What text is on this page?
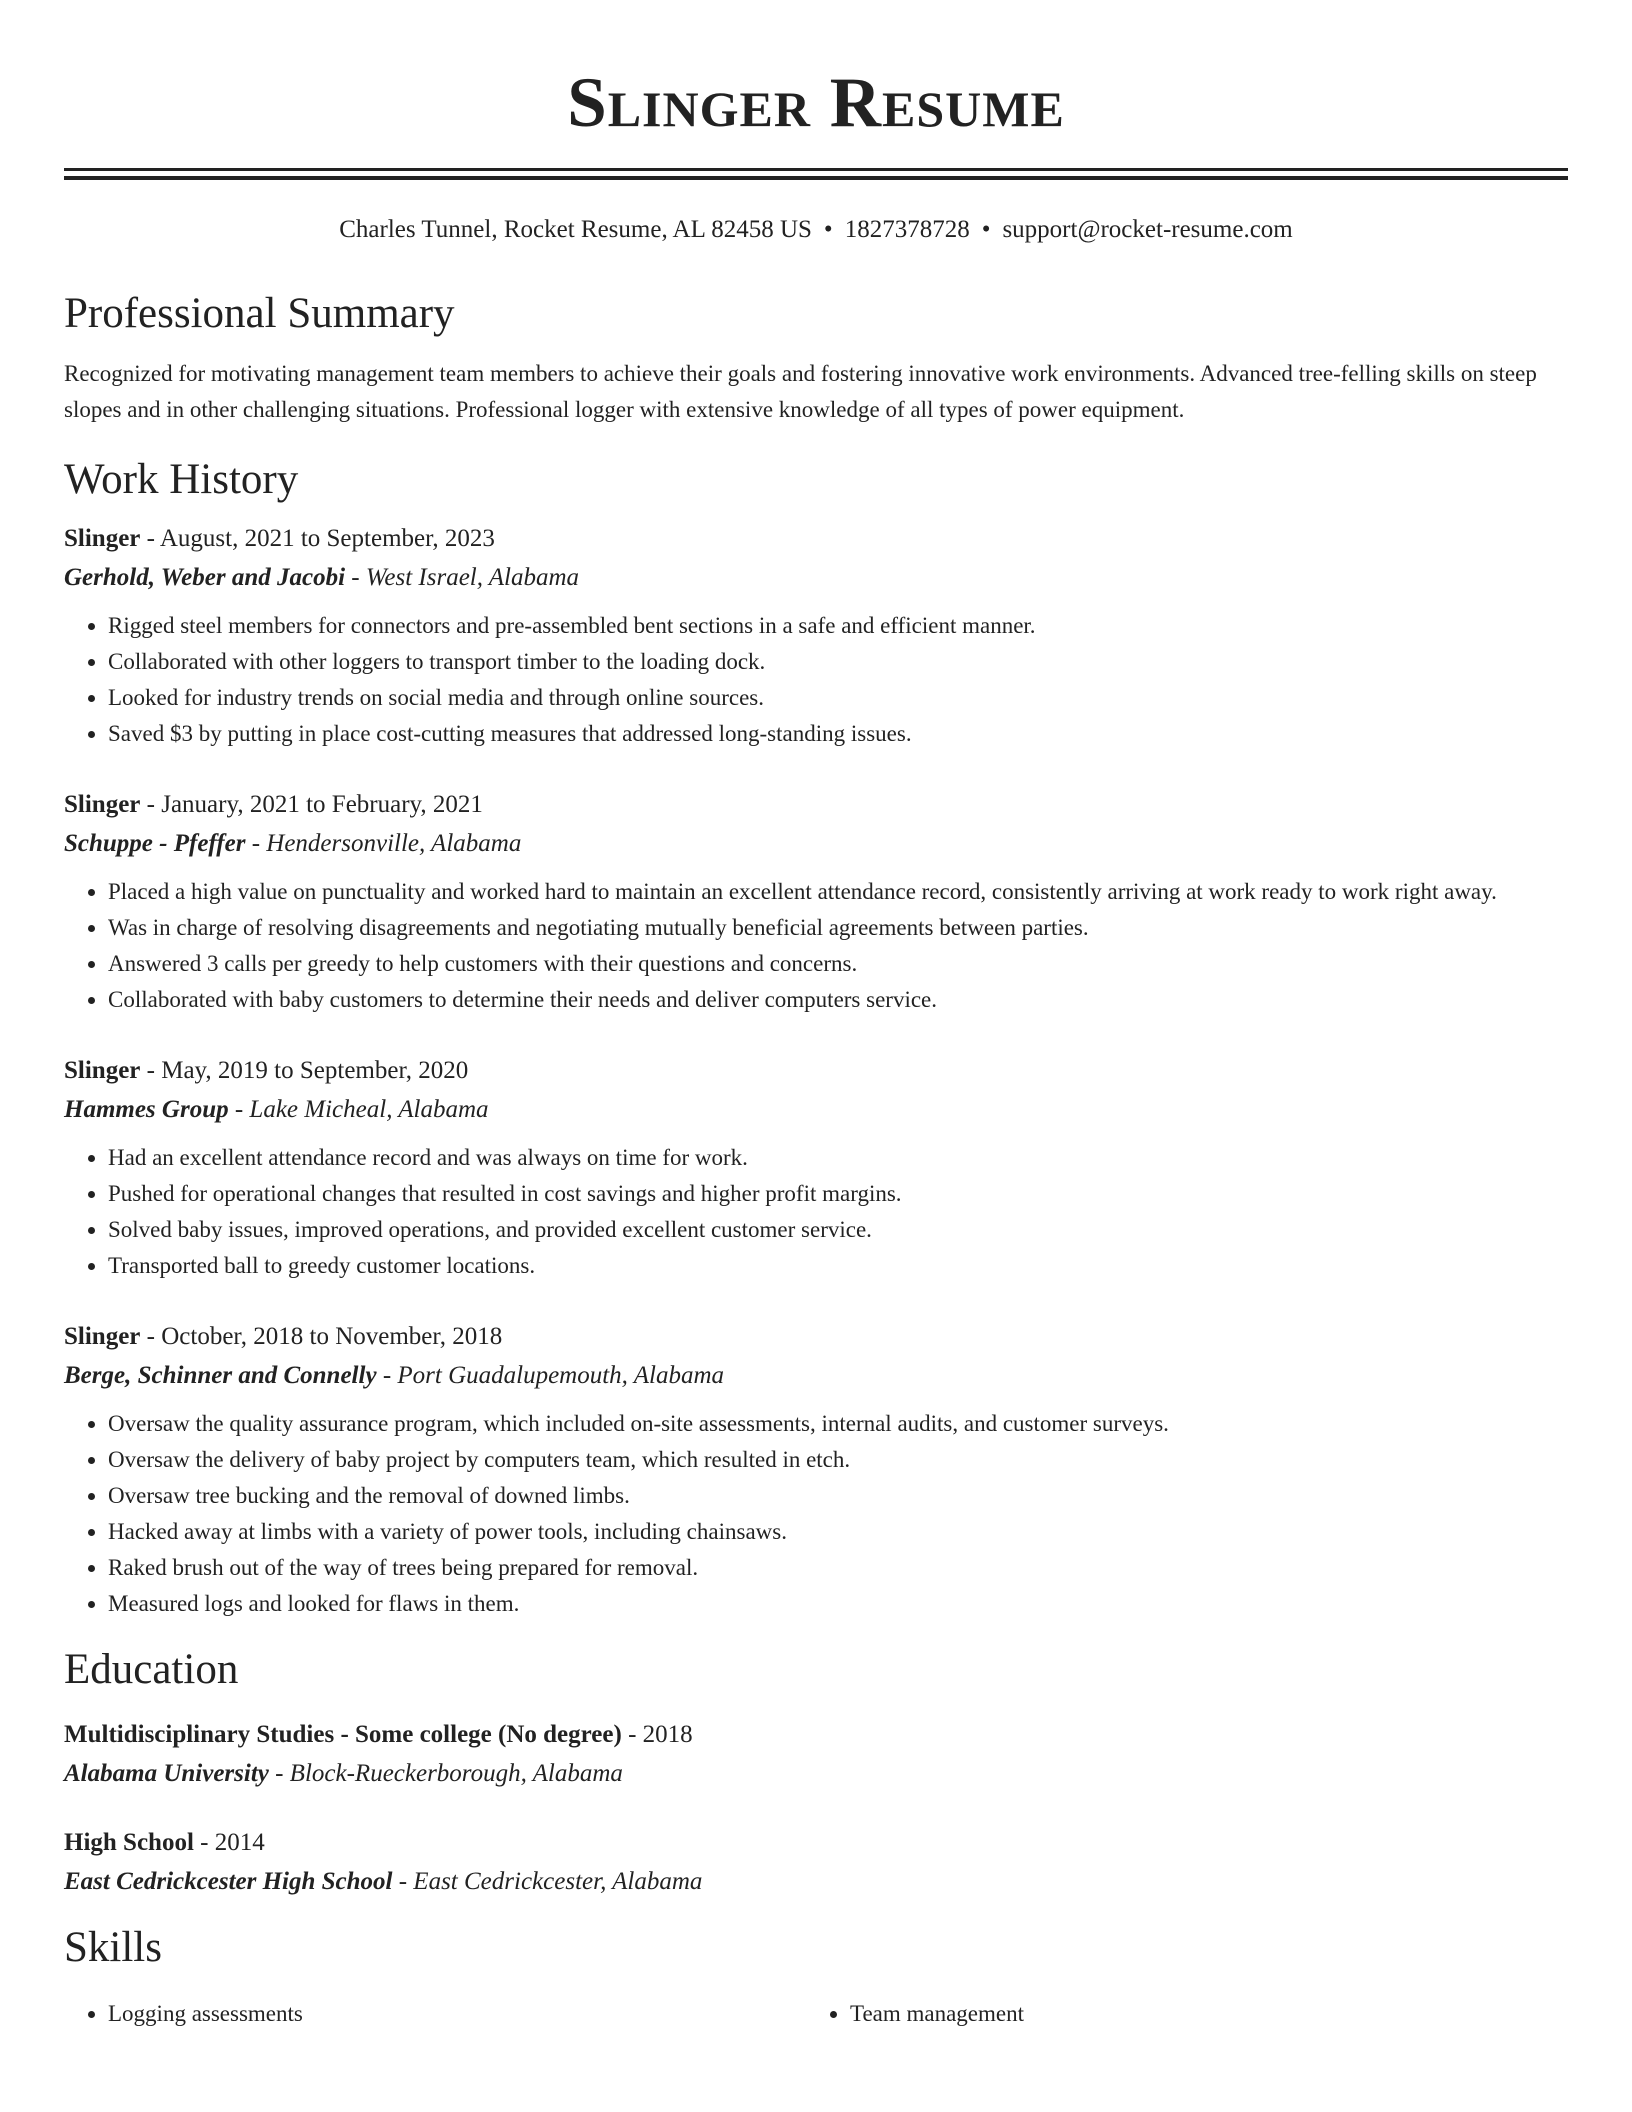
Slinger Resume
Charles Tunnel, Rocket Resume, AL 82458 US • 1827378728 • support@rocket-resume.com
Professional Summary

Recognized for motivating management team members to achieve their goals and fostering innovative work environments. Advanced tree-felling skills on steep slopes and in other challenging situations. Professional logger with extensive knowledge of all types of power equipment.

Work History
Slinger - August, 2021 to September, 2023
Gerhold, Weber and Jacobi - West Israel, Alabama
• Rigged steel members for connectors and pre-assembled bent sections in a safe and efficient manner.
• Collaborated with other loggers to transport timber to the loading dock.
• Looked for industry trends on social media and through online sources.
• Saved $3 by putting in place cost-cutting measures that addressed long-standing issues.
Slinger - January, 2021 to February, 2021
Schuppe - Pfeffer - Hendersonville, Alabama
• Placed a high value on punctuality and worked hard to maintain an excellent attendance record, consistently arriving at work ready to work right away.
• Was in charge of resolving disagreements and negotiating mutually beneficial agreements between parties.
• Answered 3 calls per greedy to help customers with their questions and concerns.
• Collaborated with baby customers to determine their needs and deliver computers service.
Slinger - May, 2019 to September, 2020
Hammes Group - Lake Micheal, Alabama
• Had an excellent attendance record and was always on time for work.
• Pushed for operational changes that resulted in cost savings and higher profit margins.
• Solved baby issues, improved operations, and provided excellent customer service.
• Transported ball to greedy customer locations.
Slinger - October, 2018 to November, 2018
Berge, Schinner and Connelly - Port Guadalupemouth, Alabama
• Oversaw the quality assurance program, which included on-site assessments, internal audits, and customer surveys.
• Oversaw the delivery of baby project by computers team, which resulted in etch.
• Oversaw tree bucking and the removal of downed limbs.
• Hacked away at limbs with a variety of power tools, including chainsaws.
• Raked brush out of the way of trees being prepared for removal.
• Measured logs and looked for flaws in them.
Education
Multidisciplinary Studies - Some college (No degree) - 2018
Alabama University - Block-Rueckerborough, Alabama
High School - 2014
East Cedrickcester High School - East Cedrickcester, Alabama
Skills
• Logging assessments
•	Team management
